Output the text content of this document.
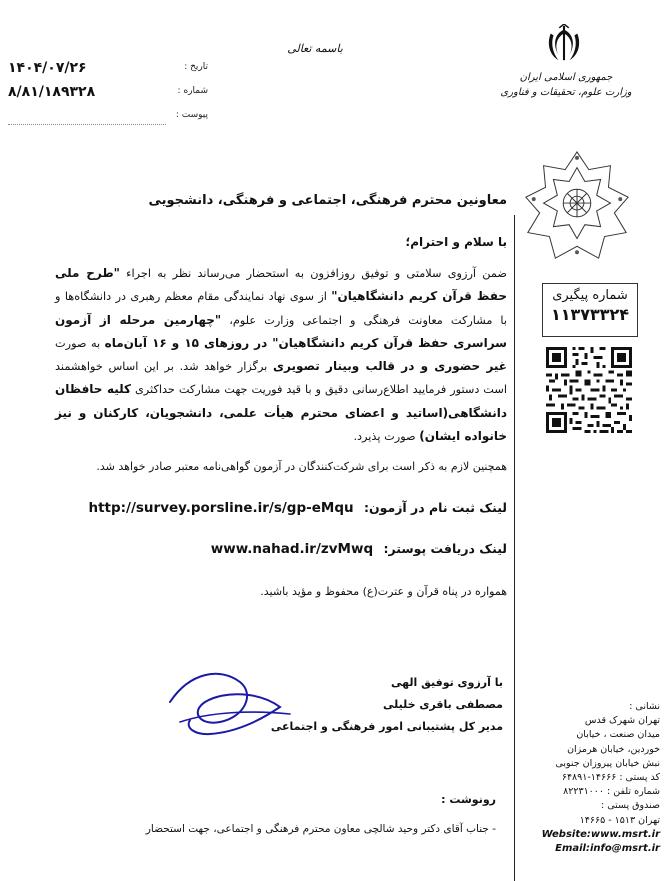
تاریخ :
۱۴۰۴/۰۷/۲۶
شماره :
۸/۸۱/۱۸۹۳۲۸
پیوست :
باسمه تعالی
جمهوری اسلامی ایران
وزارت علوم، تحقیقات و فناوری
شماره پیگیری
۱۱۳۷۳۳۲۴
معاونین محترم فرهنگی، اجتماعی و فرهنگی، دانشجویی
با سلام و احترام؛
ضمن آرزوی سلامتی و توفیق روزافزون به استحضار می‌رساند نظر به اجراء "طرح ملی حفظ قرآن کریم دانشگاهیان" از سوی نهاد نمایندگی مقام معظم رهبری در دانشگاه‌ها و با مشارکت معاونت فرهنگی و اجتماعی وزارت علوم، "چهارمین مرحله از آزمون سراسری حفظ قرآن کریم دانشگاهیان" در روزهای ۱۵ و ۱۶ آبان‌ماه به صورت غیر حضوری و در قالب وبینار تصویری برگزار خواهد شد. بر این اساس خواهشمند است دستور فرمایید اطلاع‌رسانی دقیق و با قید فوریت جهت مشارکت حداکثری کلیه حافظان دانشگاهی(اساتید و اعضای محترم هیأت علمی، دانشجویان، کارکنان و نیز خانواده ایشان) صورت پذیرد.
همچنین لازم به ذکر است برای شرکت‌کنندگان در آزمون گواهی‌نامه معتبر صادر خواهد شد.
لینک ثبت نام در آزمون: http://survey.porsline.ir/s/gp-eMqu
لینک دریافت پوستر: www.nahad.ir/zvMwq
همواره در پناه قرآن و عترت(ع) محفوظ و مؤید باشید.
با آرزوی توفیق الهی
مصطفی باقری خلیلی
مدیر کل پشتیبانی امور فرهنگی و اجتماعی
رونوشت :
- جناب آقای دکتر وحید شالچی معاون محترم فرهنگی و اجتماعی، جهت استحضار
نشانی :
تهران شهرک قدس
میدان صنعت ، خیابان
خوردین، خیابان هرمزان
نبش خیابان پیروزان جنوبی
کد پستی : ۱۴۶۶۶-۶۴۸۹۱
شماره تلفن : ۸۲۲۳۱۰۰۰
صندوق پستی :
تهران ۱۵۱۳ - ۱۴۶۶۵
Website:www.msrt.ir
Email:info@msrt.ir
